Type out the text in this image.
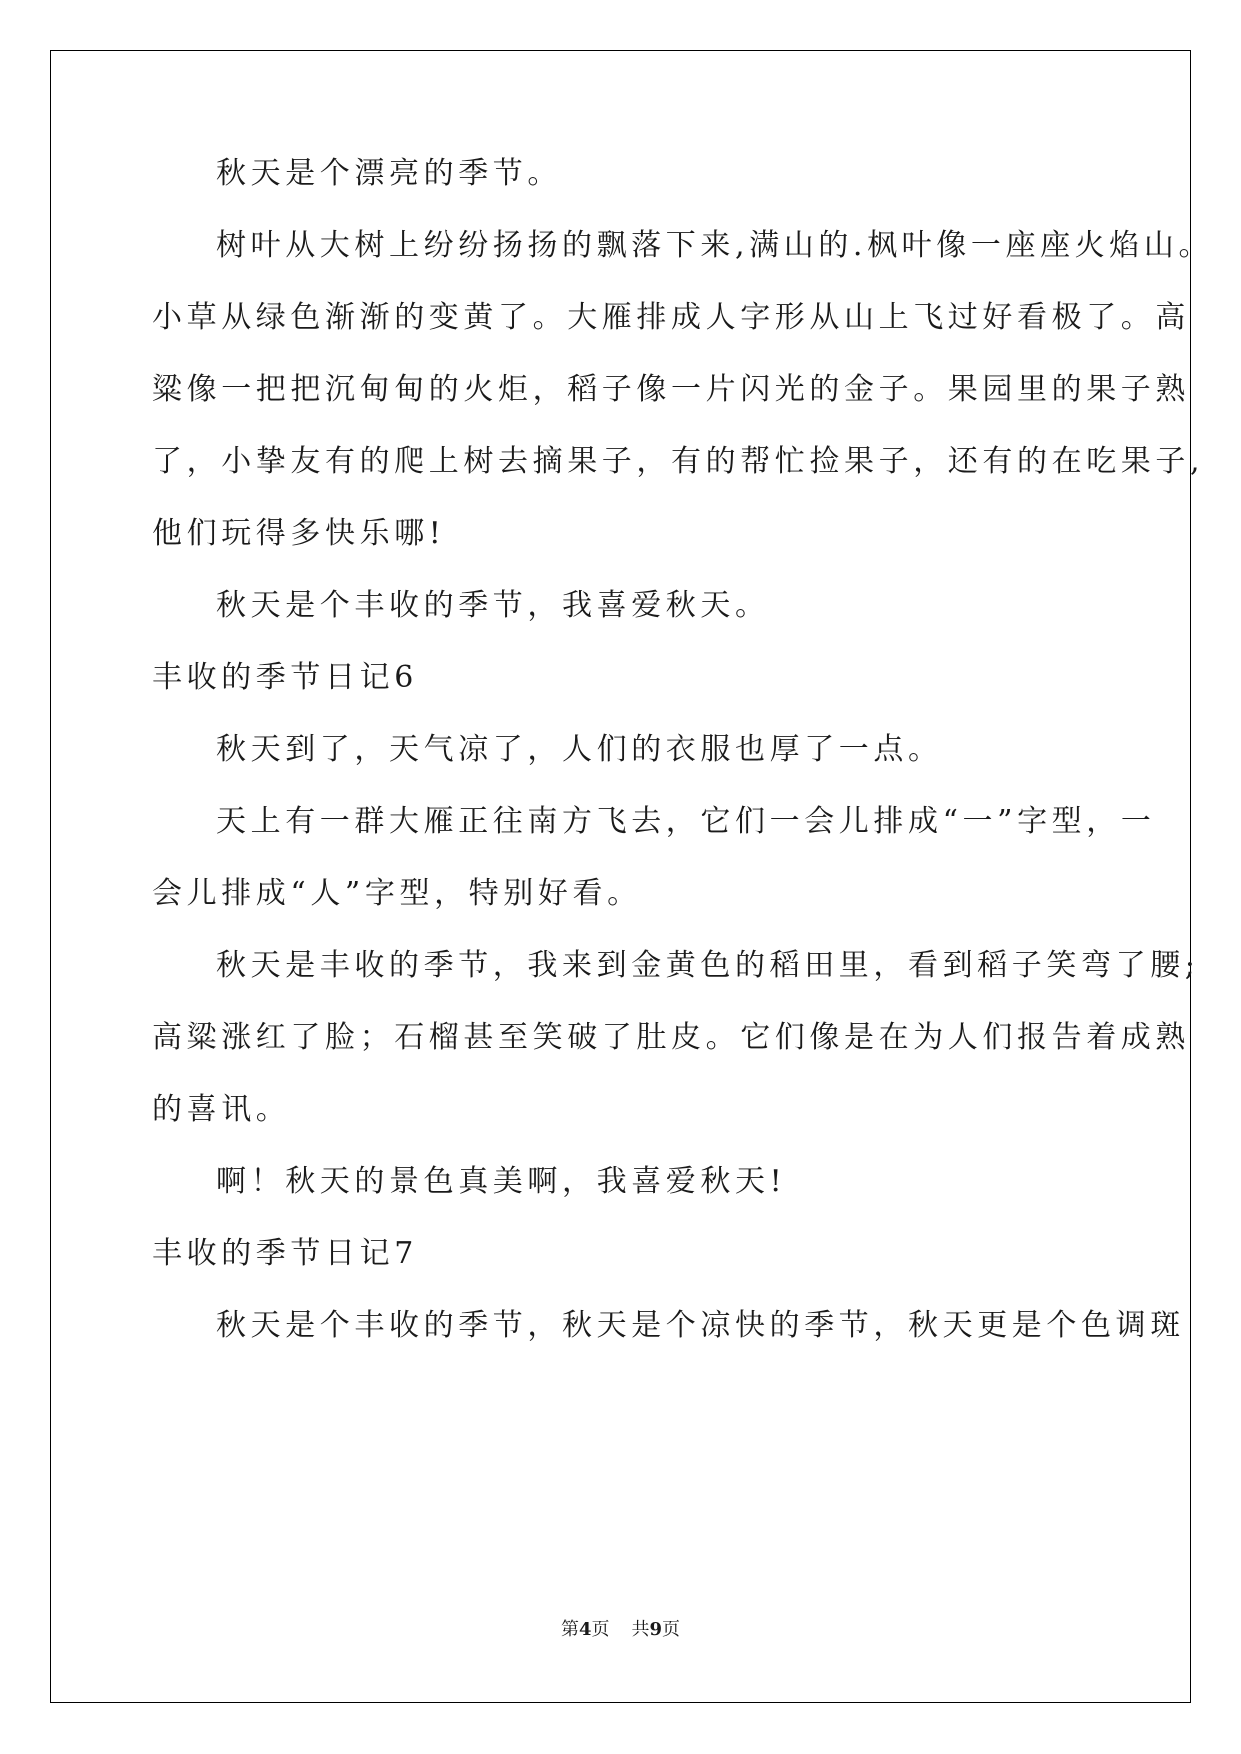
秋天是个漂亮的季节。
树叶从大树上纷纷扬扬的飘落下来,满山的.枫叶像一座座火焰山。
小草从绿色渐渐的变黄了。大雁排成人字形从山上飞过好看极了。高
粱像一把把沉甸甸的火炬，稻子像一片闪光的金子。果园里的果子熟
了，小挚友有的爬上树去摘果子，有的帮忙捡果子，还有的在吃果子,
他们玩得多快乐哪!
秋天是个丰收的季节，我喜爱秋天。
丰收的季节日记6
秋天到了，天气凉了，人们的衣服也厚了一点。
天上有一群大雁正往南方飞去，它们一会儿排成“一”字型，一
会儿排成“人”字型，特别好看。
秋天是丰收的季节，我来到金黄色的稻田里，看到稻子笑弯了腰;
高粱涨红了脸；石榴甚至笑破了肚皮。它们像是在为人们报告着成熟
的喜讯。
啊！秋天的景色真美啊，我喜爱秋天!
丰收的季节日记7
秋天是个丰收的季节，秋天是个凉快的季节，秋天更是个色调斑
第4页 共9页
